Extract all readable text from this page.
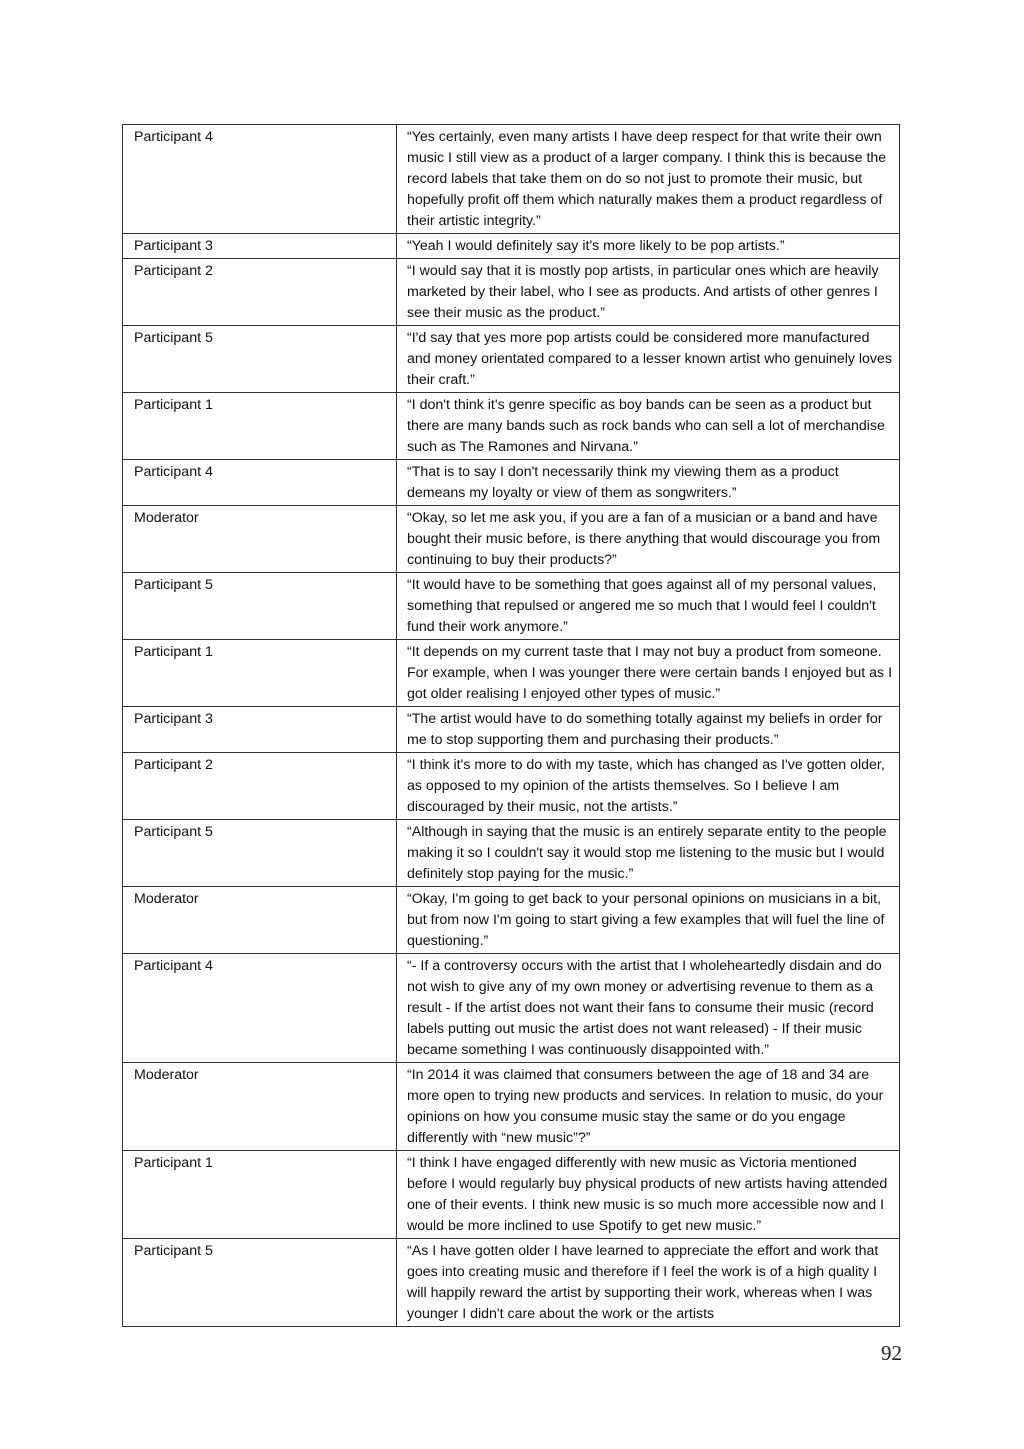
Participant 4	“Yes certainly, even many artists I have deep respect for that write their own music I still view as a product of a larger company. I think this is because the record labels that take them on do so not just to promote their music, but hopefully profit off them which naturally makes them a product regardless of their artistic integrity.”
Participant 3	“Yeah I would definitely say it's more likely to be pop artists.”
Participant 2	“I would say that it is mostly pop artists, in particular ones which are heavily marketed by their label, who I see as products. And artists of other genres I see their music as the product.”
Participant 5	“I'd say that yes more pop artists could be considered more manufactured and money orientated compared to a lesser known artist who genuinely loves their craft.”
Participant 1	“I don't think it's genre specific as boy bands can be seen as a product but there are many bands such as rock bands who can sell a lot of merchandise such as The Ramones and Nirvana.”
Participant 4	“That is to say I don't necessarily think my viewing them as a product demeans my loyalty or view of them as songwriters.”
Moderator	“Okay, so let me ask you, if you are a fan of a musician or a band and have bought their music before, is there anything that would discourage you from continuing to buy their products?”
Participant 5	“It would have to be something that goes against all of my personal values, something that repulsed or angered me so much that I would feel I couldn't fund their work anymore.”
Participant 1	“It depends on my current taste that I may not buy a product from someone. For example, when I was younger there were certain bands I enjoyed but as I got older realising I enjoyed other types of music.”
Participant 3	“The artist would have to do something totally against my beliefs in order for me to stop supporting them and purchasing their products.”
Participant 2	“I think it's more to do with my taste, which has changed as I've gotten older, as opposed to my opinion of the artists themselves. So I believe I am discouraged by their music, not the artists.”
Participant 5	“Although in saying that the music is an entirely separate entity to the people making it so I couldn't say it would stop me listening to the music but I would definitely stop paying for the music.”
Moderator	“Okay, I'm going to get back to your personal opinions on musicians in a bit, but from now I'm going to start giving a few examples that will fuel the line of questioning.”
Participant 4	“- If a controversy occurs with the artist that I wholeheartedly disdain and do not wish to give any of my own money or advertising revenue to them as a result - If the artist does not want their fans to consume their music (record labels putting out music the artist does not want released) - If their music became something I was continuously disappointed with.”
Moderator	“In 2014 it was claimed that consumers between the age of 18 and 34 are more open to trying new products and services. In relation to music, do your opinions on how you consume music stay the same or do you engage differently with “new music”?”
Participant 1	“I think I have engaged differently with new music as Victoria mentioned before I would regularly buy physical products of new artists having attended one of their events. I think new music is so much more accessible now and I would be more inclined to use Spotify to get new music.”
Participant 5	“As I have gotten older I have learned to appreciate the effort and work that goes into creating music and therefore if I feel the work is of a high quality I will happily reward the artist by supporting their work, whereas when I was younger I didn't care about the work or the artists
92
